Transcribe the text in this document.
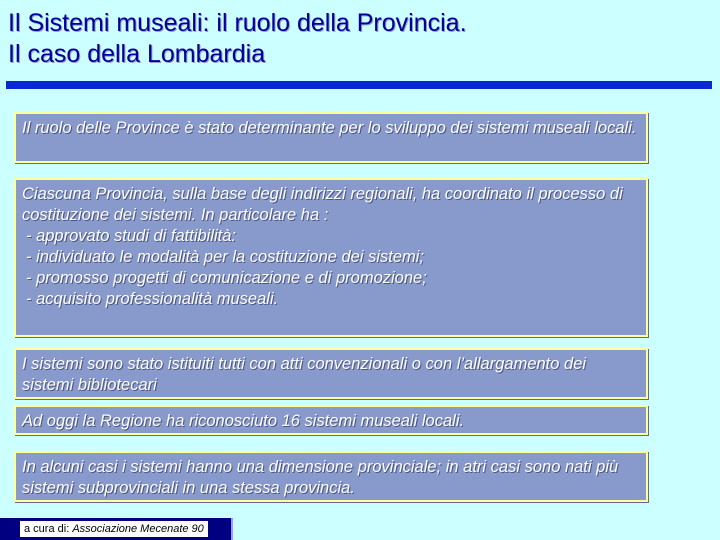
Il Sistemi museali: il ruolo della Provincia.
Il caso della Lombardia

Il ruolo delle Province è stato determinante per lo sviluppo dei sistemi museali locali.

Ciascuna Provincia, sulla base degli indirizzi regionali, ha coordinato il processo di costituzione dei sistemi. In particolare ha :

- approvato studi di fattibilità:
- individuato le modalità per la costituzione dei sistemi;
- promosso progetti di comunicazione e di promozione;
- acquisito professionalità museali.

I sistemi sono stato istituiti tutti con atti convenzionali o con l’allargamento dei sistemi bibliotecari

Ad oggi la Regione ha riconosciuto 16 sistemi museali locali.

In alcuni casi i sistemi hanno una dimensione provinciale; in atri casi sono nati più sistemi subprovinciali in una stessa provincia.

a cura di: Associazione Mecenate 90
